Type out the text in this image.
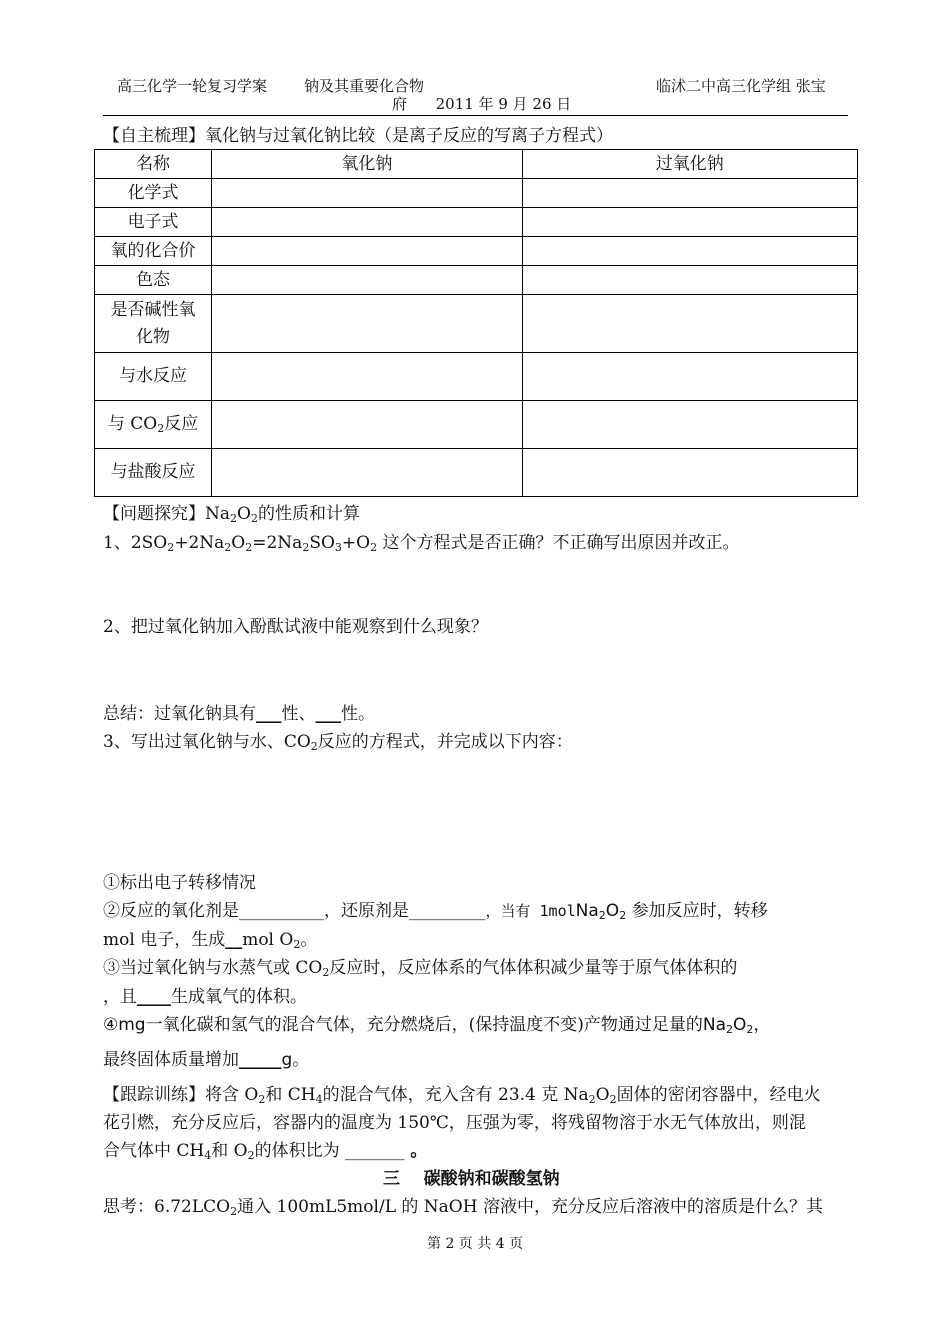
高三化学一轮复习学案 钠及其重要化合物	临沭二中高三化学组 张宝
府      2011 年 9 月 26 日
【自主梳理】氧化钠与过氧化钠比较（是离子反应的写离子方程式）
名称	氧化钠	过氧化钠
化学式		
电子式		
氧的化合价		
色态		

是否碱性氧
化物		

与水反应		
与 $CO_2$反应		
与盐酸反应		
【问题探究】$Na_2O_2$的性质和计算
1、$2SO_2+2Na_2O_2=2Na_2SO_3+O_2$ 这个方程式是否正确？不正确写出原因并改正。
2、把过氧化钠加入酚酞试液中能观察到什么现象？
总结：过氧化钠具有___性、___性。
3、写出过氧化钠与水、$CO_2$反应的方程式，并完成以下内容：
①标出电子转移情况
②反应的氧化剂是__________，还原剂是_________，当有 $1molNa_2O_2$ 参加反应时，转移
mol 电子，生成__mol $O_2$。
③当过氧化钠与水蒸气或 $CO_2$反应时，反应体系的气体体积减少量等于原气体体积的
，且____生成氧气的体积。
④mg一氧化碳和氢气的混合气体，充分燃烧后，(保持温度不变)产物通过足量的$Na_2O_2$，
最终固体质量增加_____g。
【跟踪训练】将含 $O_2$和 $CH_4$的混合气体，充入含有 23.4 克 $Na_2O_2$固体的密闭容器中，经电火
花引燃，充分反应后，容器内的温度为 150℃，压强为零，将残留物溶于水无气体放出，则混
合气体中 $CH_4$和 $O_2$的体积比为 _______ 。
三    碳酸钠和碳酸氢钠
思考：$6.72LCO_2$通入 100mL5mol/L 的 NaOH 溶液中，充分反应后溶液中的溶质是什么？其
第 2 页 共 4 页
